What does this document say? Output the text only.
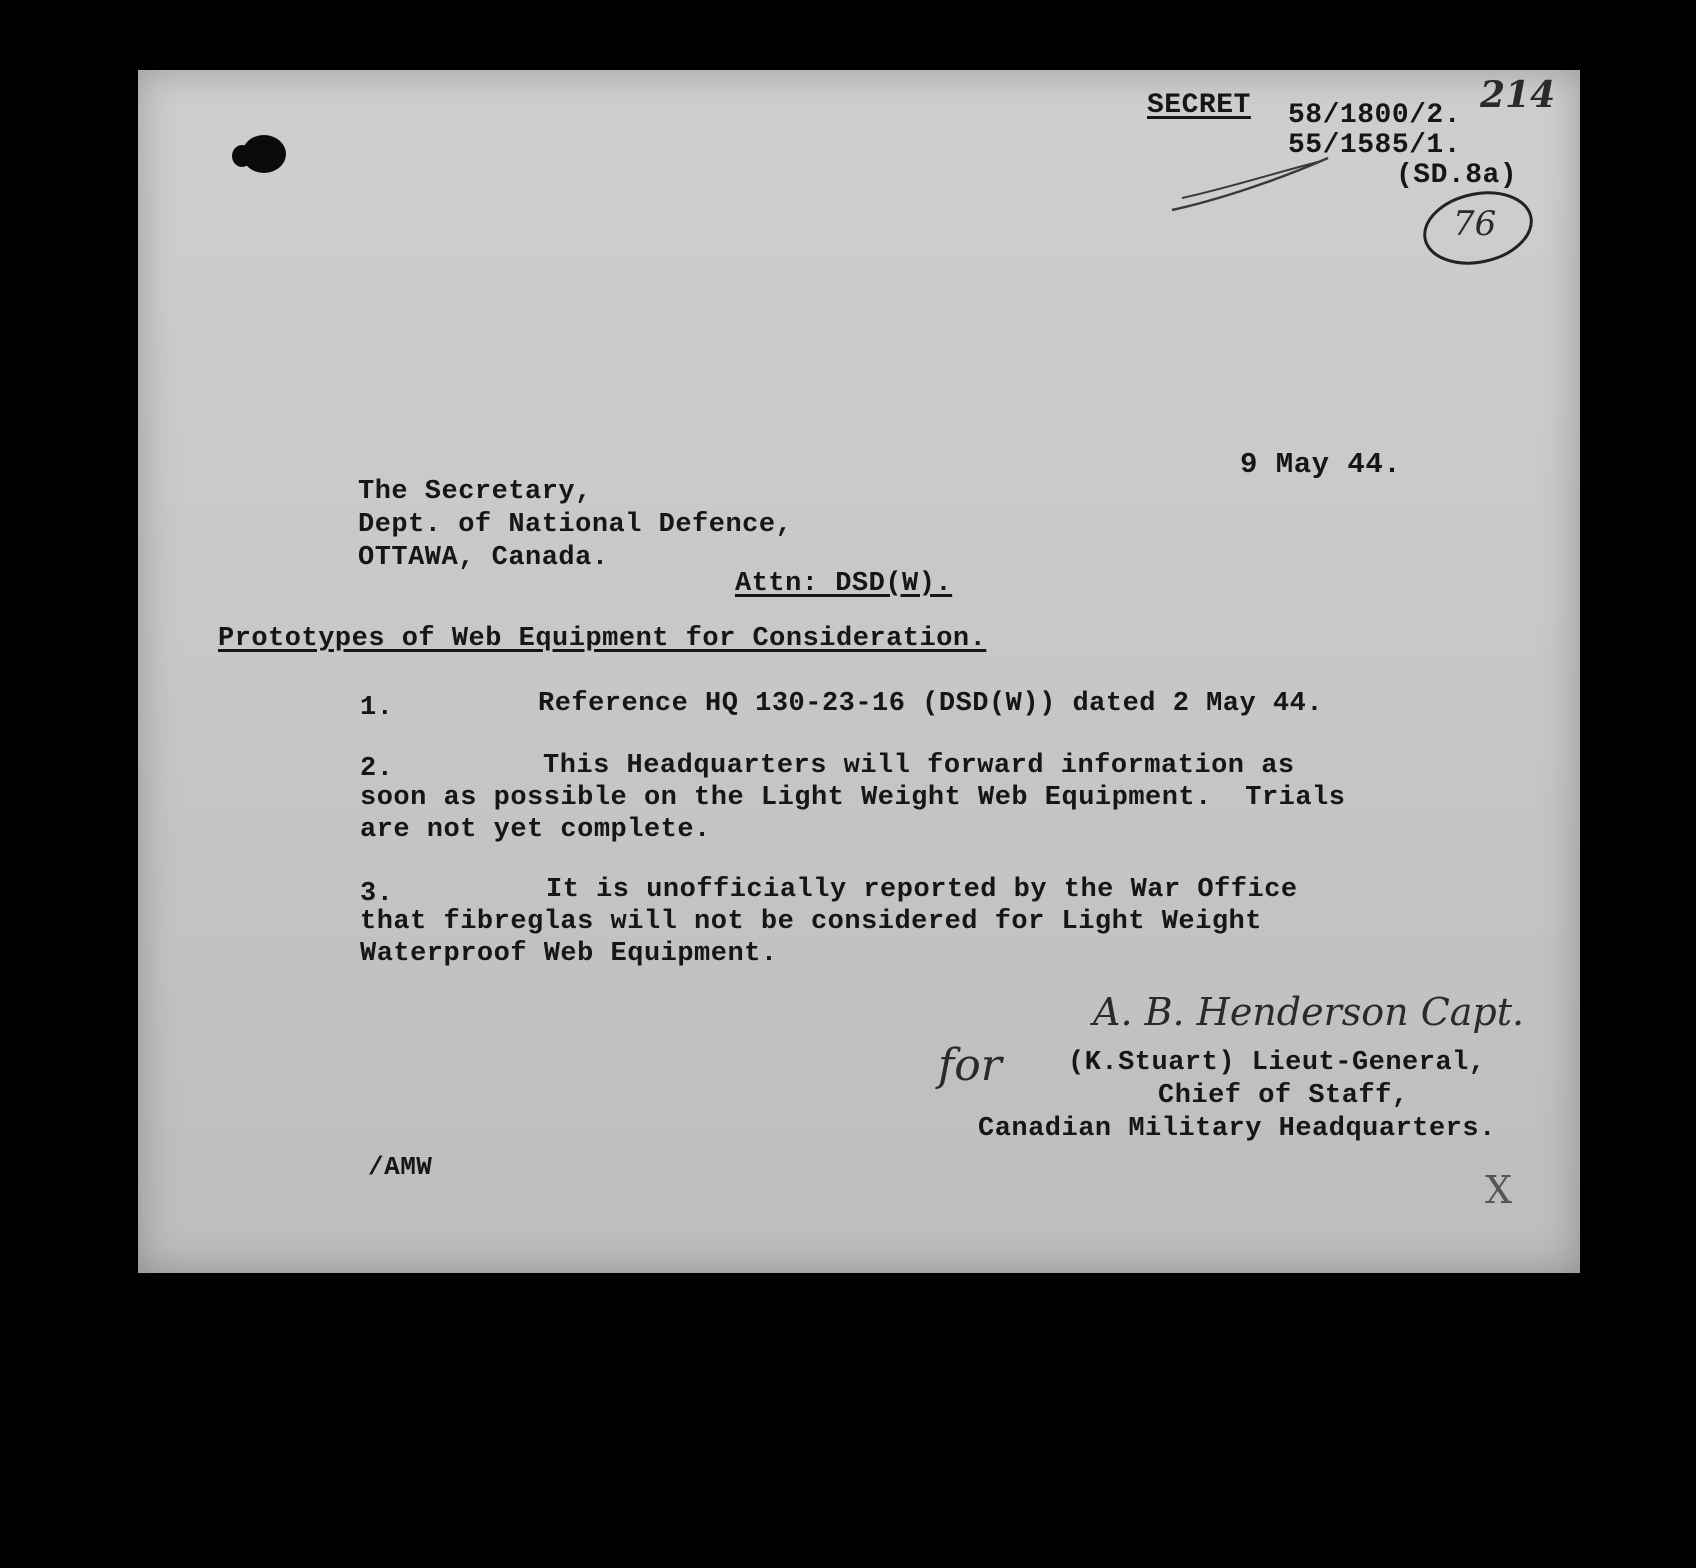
SECRET 58/1800/2. 214
55/1585/1.
(SD.8a)
76
9 May 44.
The Secretary,
Dept. of National Defence,
OTTAWA, Canada.
Attn: DSD(W).
Prototypes of Web Equipment for Consideration.
1.	Reference HQ 130-23-16 (DSD(W)) dated 2 May 44.
2.	This Headquarters will forward information as
soon as possible on the Light Weight Web Equipment.  Trials
are not yet complete.
3.	It is unofficially reported by the War Office
that fibreglas will not be considered for Light Weight
Waterproof Web Equipment.
A. B. Henderson Capt.
for (K.Stuart) Lieut-General,
Chief of Staff,
Canadian Military Headquarters.
/AMW
X
